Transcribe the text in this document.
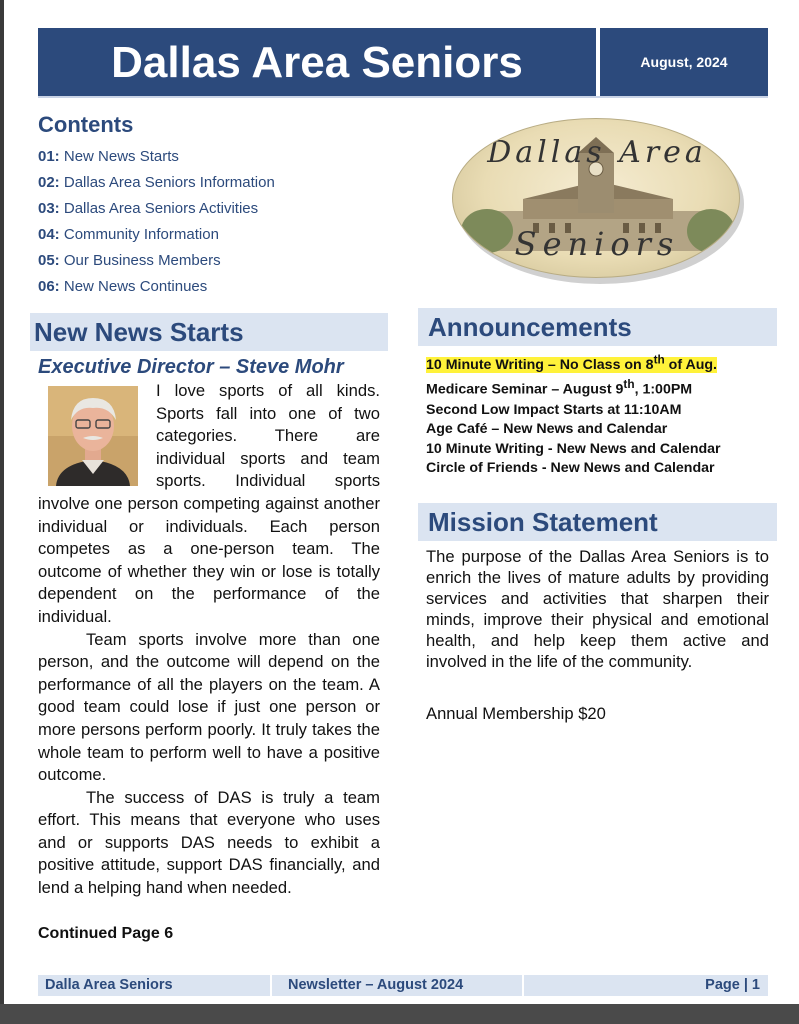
Dallas Area Seniors	August, 2024
Contents
01: New News Starts
02: Dallas Area Seniors Information
03: Dallas Area Seniors Activities
04: Community Information
05: Our Business Members
06: New News Continues
Dallas Area
Seniors
New News Starts
Executive Director – Steve Mohr

I love sports of all kinds. Sports fall into one of two categories. There are individual sports and team sports. Individual sports involve one person competing against another individual or individuals. Each person competes as a one-person team. The outcome of whether they win or lose is totally dependent on the performance of the individual.

Team sports involve more than one person, and the outcome will depend on the performance of all the players on the team. A good team could lose if just one person or more persons perform poorly. It truly takes the whole team to perform well to have a positive outcome.

The success of DAS is truly a team effort. This means that everyone who uses and or supports DAS needs to exhibit a positive attitude, support DAS financially, and lend a helping hand when needed.

Continued Page 6
Announcements
10 Minute Writing – No Class on 8th of Aug.
Medicare Seminar – August 9th, 1:00PM
Second Low Impact Starts at 11:10AM
Age Café – New News and Calendar
10 Minute Writing - New News and Calendar
Circle of Friends - New News and Calendar
Mission Statement
The purpose of the Dallas Area Seniors is to enrich the lives of mature adults by providing services and activities that sharpen their minds, improve their physical and emotional health, and help keep them active and involved in the life of the community.
Annual Membership $20
Dalla Area Seniors	Newsletter – August 2024	Page | 1
